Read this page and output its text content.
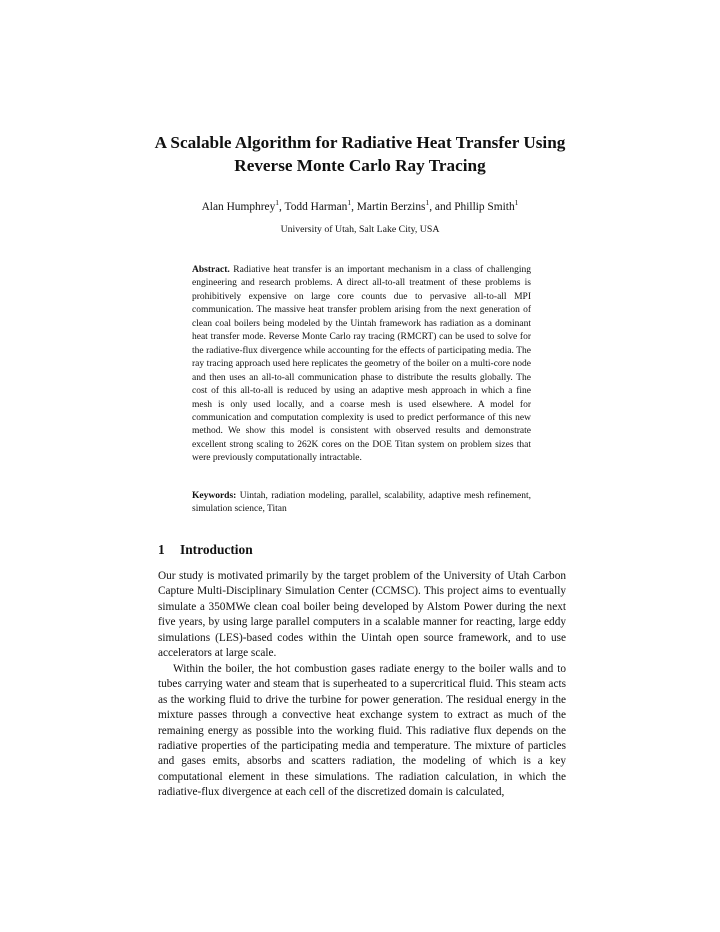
A Scalable Algorithm for Radiative Heat Transfer Using
Reverse Monte Carlo Ray Tracing
Alan Humphrey$^1$, Todd Harman$^1$, Martin Berzins$^1$, and Phillip Smith$^1$
University of Utah, Salt Lake City, USA
Abstract. Radiative heat transfer is an important mechanism in a class of challenging engineering and research problems. A direct all-to-all treatment of these problems is prohibitively expensive on large core counts due to pervasive all-to-all MPI communication. The massive heat transfer problem arising from the next generation of clean coal boilers being modeled by the Uintah framework has radiation as a dominant heat transfer mode. Reverse Monte Carlo ray tracing (RMCRT) can be used to solve for the radiative-flux divergence while accounting for the effects of participating media. The ray tracing approach used here replicates the geometry of the boiler on a multi-core node and then uses an all-to-all communication phase to distribute the results globally. The cost of this all-to-all is reduced by using an adaptive mesh approach in which a fine mesh is only used locally, and a coarse mesh is used elsewhere. A model for communication and computation complexity is used to predict performance of this new method. We show this model is consistent with observed results and demonstrate excellent strong scaling to 262K cores on the DOE Titan system on problem sizes that were previously computationally intractable.
Keywords: Uintah, radiation modeling, parallel, scalability, adaptive mesh refinement, simulation science, Titan
1 Introduction

Our study is motivated primarily by the target problem of the University of Utah Carbon Capture Multi-Disciplinary Simulation Center (CCMSC). This project aims to eventually simulate a 350MWe clean coal boiler being developed by Alstom Power during the next five years, by using large parallel computers in a scalable manner for reacting, large eddy simulations (LES)-based codes within the Uintah open source framework, and to use accelerators at large scale.

Within the boiler, the hot combustion gases radiate energy to the boiler walls and to tubes carrying water and steam that is superheated to a supercritical fluid. This steam acts as the working fluid to drive the turbine for power generation. The residual energy in the mixture passes through a convective heat exchange system to extract as much of the remaining energy as possible into the working fluid. This radiative flux depends on the radiative properties of the participating media and temperature. The mixture of particles and gases emits, absorbs and scatters radiation, the modeling of which is a key computational element in these simulations. The radiation calculation, in which the radiative-flux divergence at each cell of the discretized domain is calculated,
